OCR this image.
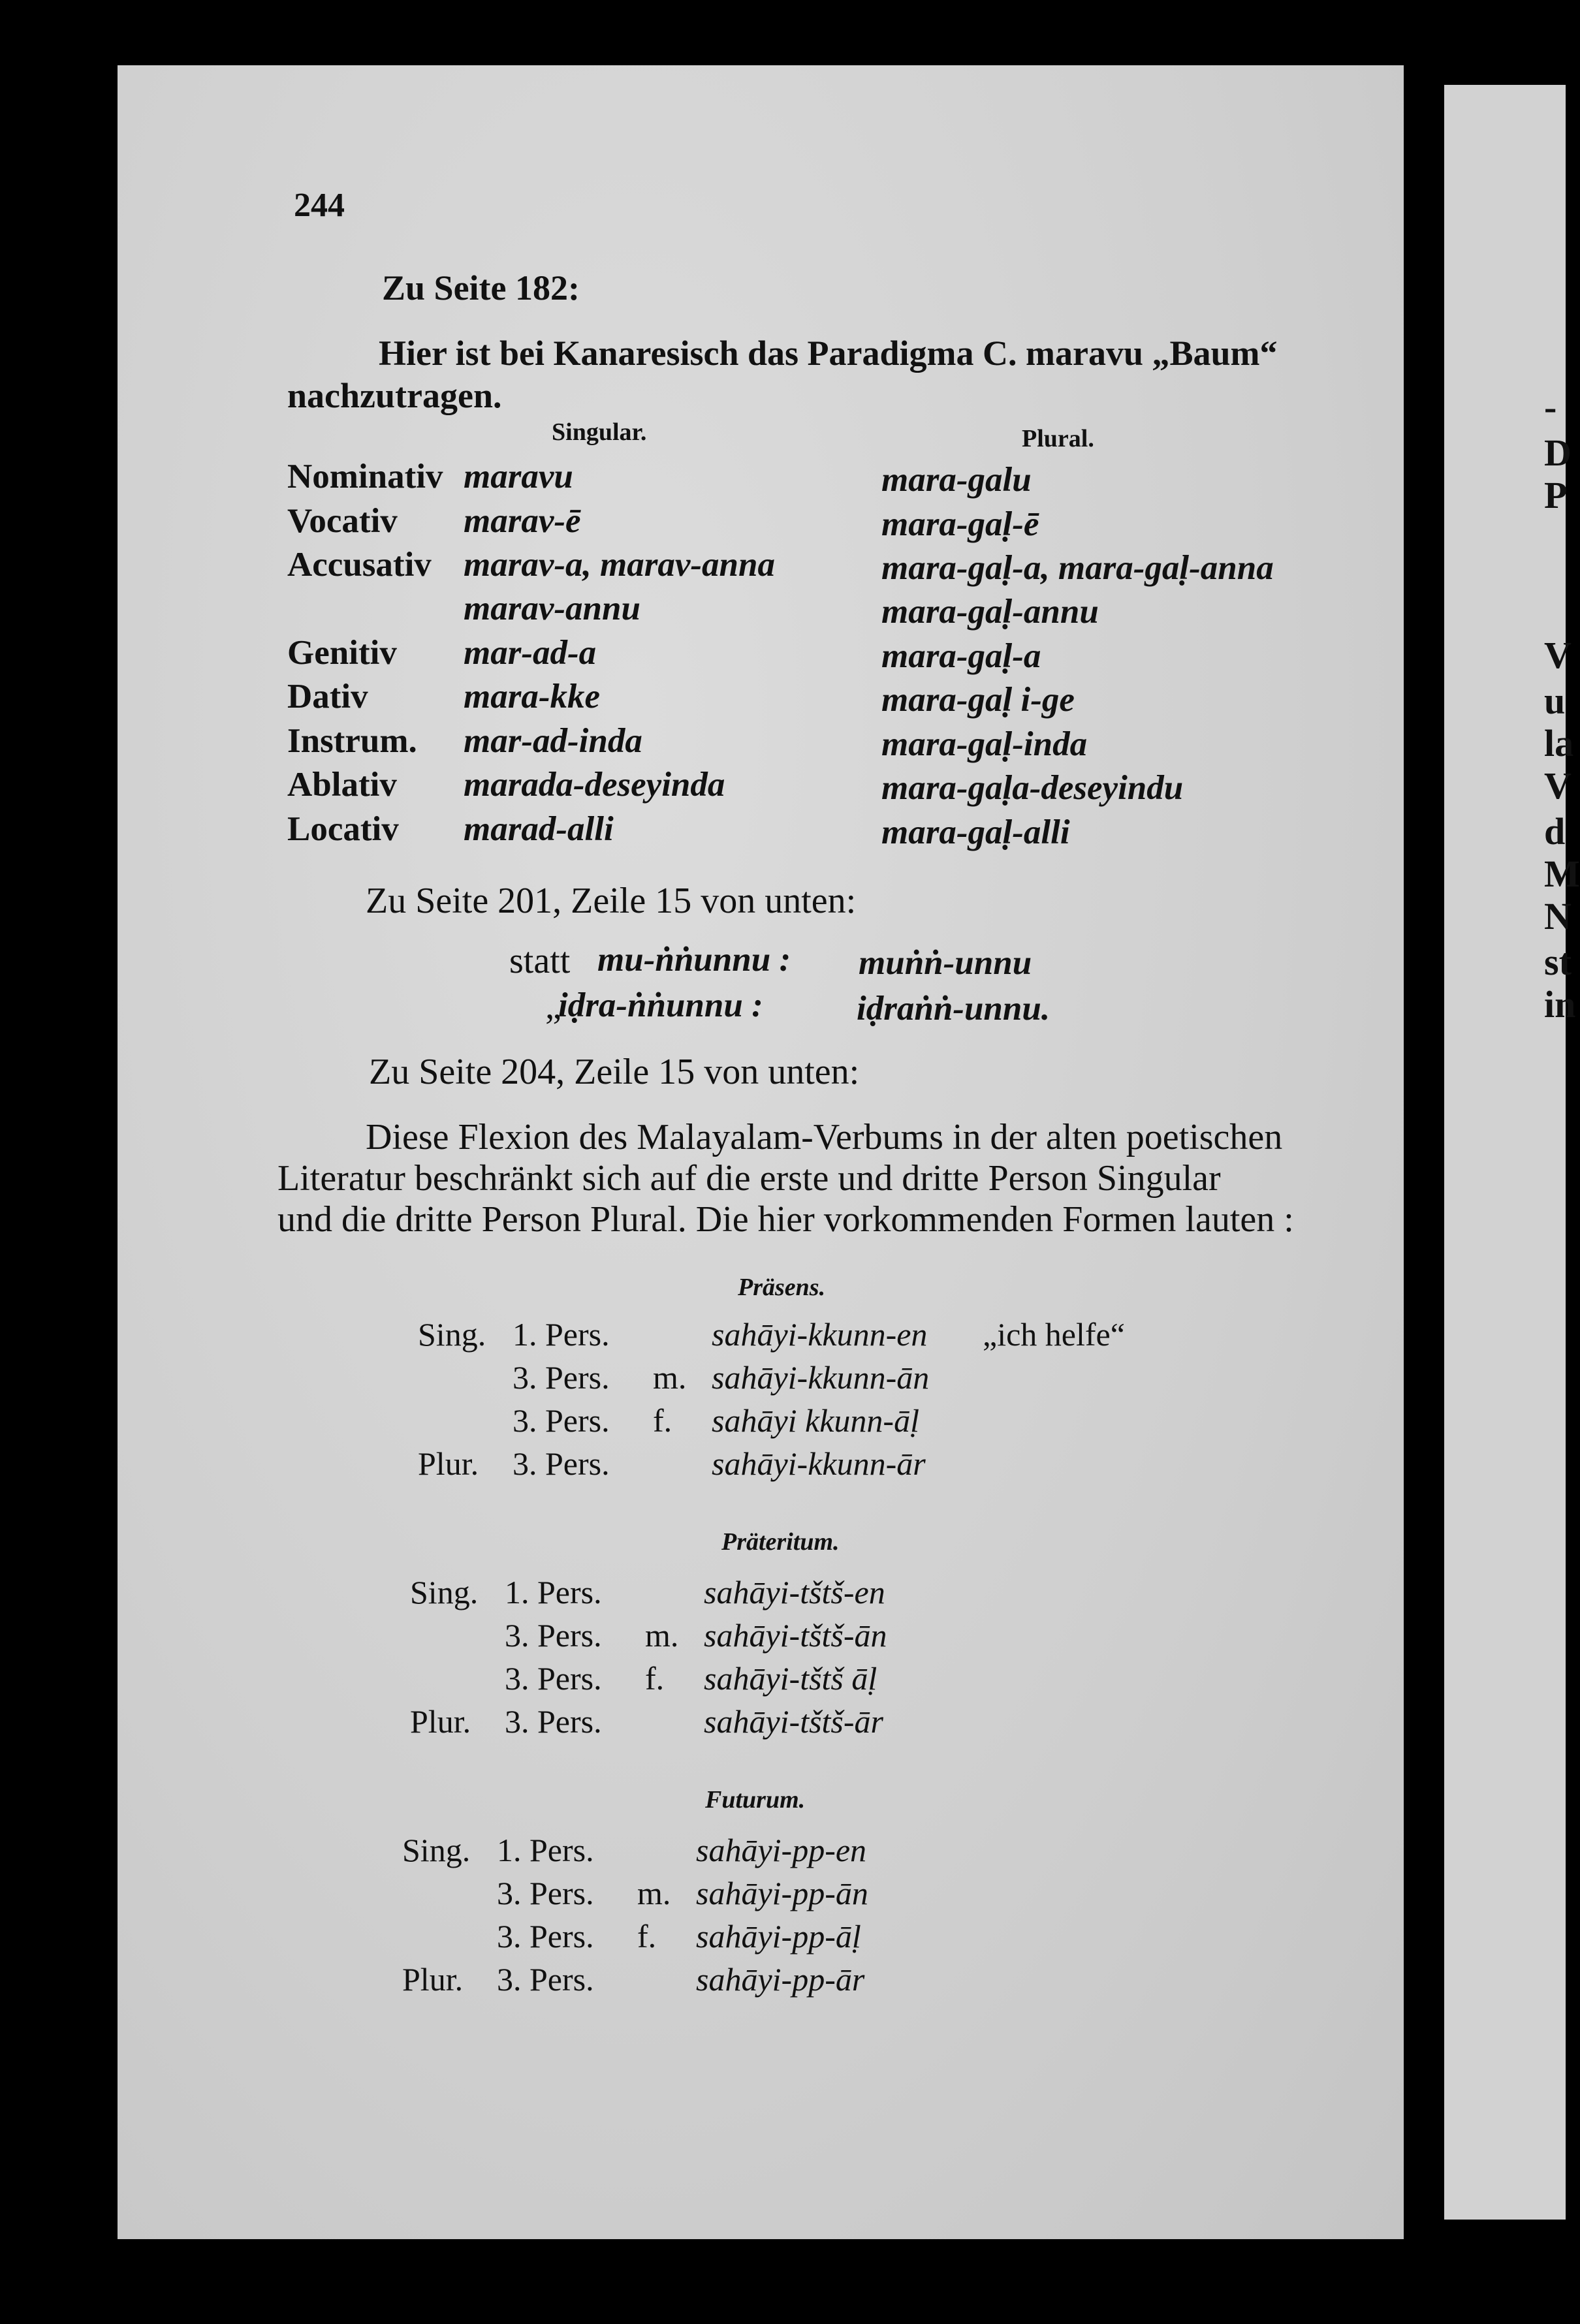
244
Zu Seite 182:
Hier ist bei Kanaresisch das Paradigma C. maravu „Baum“
nachzutragen.
Singular.	Plural.
Nominativ maravu	mara-galu
Vocativ marav-ē	mara-gaḷ-ē
Accusativ marav-a, marav-anna	mara-gaḷ-a, mara-gaḷ-anna
marav-annu	mara-gaḷ-annu
Genitiv mar-ad-a	mara-gaḷ-a
Dativ	mara-kke	mara-gaḷ i-ge
Instrum. mar-ad-inda	mara-gaḷ-inda
Ablativ marada-deseyinda	mara-gaḷa-deseyindu
Locativ marad-alli	mara-gaḷ-alli
Zu Seite 201, Zeile 15 von unten:
statt mu-ṅṅunnu : muṅṅ-unnu
„
iḍra-ṅṅunnu :	iḍraṅṅ-unnu.
Zu Seite 204, Zeile 15 von unten:
Diese Flexion des Malayalam-Verbums in der alten poetischen
Literatur beschränkt sich auf die erste und dritte Person Singular
und die dritte Person Plural. Die hier vorkommenden Formen lauten :
Präsens.
Sing. 1. Pers.	sahāyi-kkunn-en „ich helfe“
3. Pers. m. sahāyi-kkunn-ān
3. Pers. f. sahāyi kkunn-āḷ
Plur. 3. Pers.	sahāyi-kkunn-ār
Präteritum.
Sing. 1. Pers.	sahāyi-tštš-en
3. Pers. m. sahāyi-tštš-ān
3. Pers. f. sahāyi-tštš āḷ
Plur. 3. Pers.	sahāyi-tštš-ār
Futurum.
Sing. 1. Pers.	sahāyi-pp-en
3. Pers. m. sahāyi-pp-ān
3. Pers. f. sahāyi-pp-āḷ
Plur. 3. Pers.	sahāyi-pp-ār
-
D
P
V
u
la
V
d
M
N
st
in
